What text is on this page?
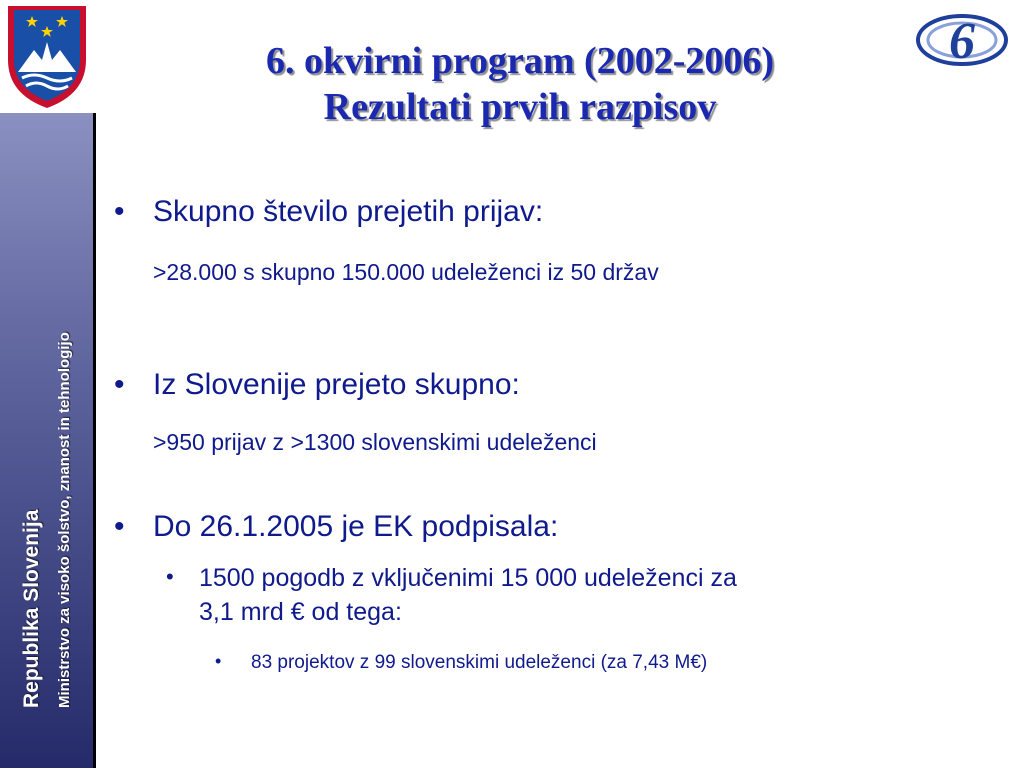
6
Republika Slovenija Ministrstvo za visoko šolstvo, znanost in tehnologijo
6. okvirni program (2002-2006)
Rezultati prvih razpisov
• Skupno število prejetih prijav:
>28.000 s skupno 150.000 udeleženci iz 50 držav
• Iz Slovenije prejeto skupno:
>950 prijav z >1300 slovenskimi udeleženci
• Do 26.1.2005 je EK podpisala:
• 1500 pogodb z vključenimi 15 000 udeleženci za
3,1 mrd € od tega:
• 83 projektov z 99 slovenskimi udeleženci (za 7,43 M€)
